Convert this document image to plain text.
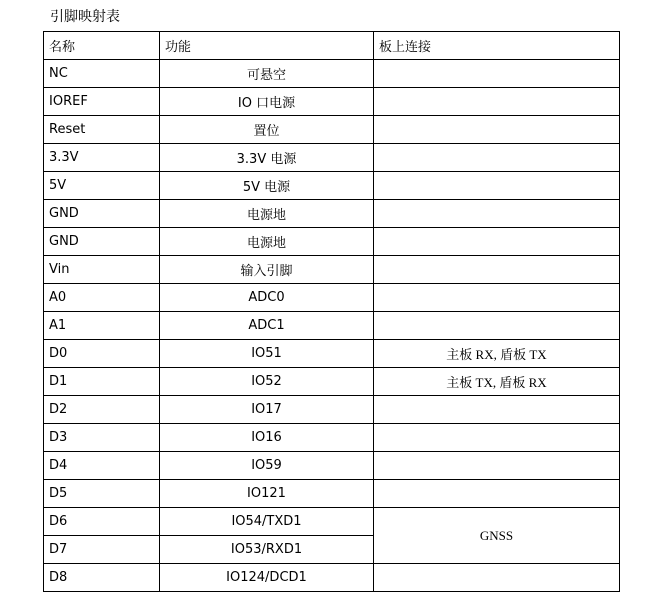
引脚映射表
名称	功能	板上连接
NC	可悬空	
IOREF	IO 口电源	
Reset	置位	
3.3V	3.3V 电源	
5V	5V 电源	
GND	电源地	
GND	电源地	
Vin	输入引脚	
A0	ADC0	
A1	ADC1	
D0	IO51	主板 RX, 盾板 TX
D1	IO52	主板 TX, 盾板 RX
D2	IO17	
D3	IO16	
D4	IO59	
D5	IO121	
D6	IO54/TXD1	GNSS
D7	IO53/RXD1	
D8	IO124/DCD1	
